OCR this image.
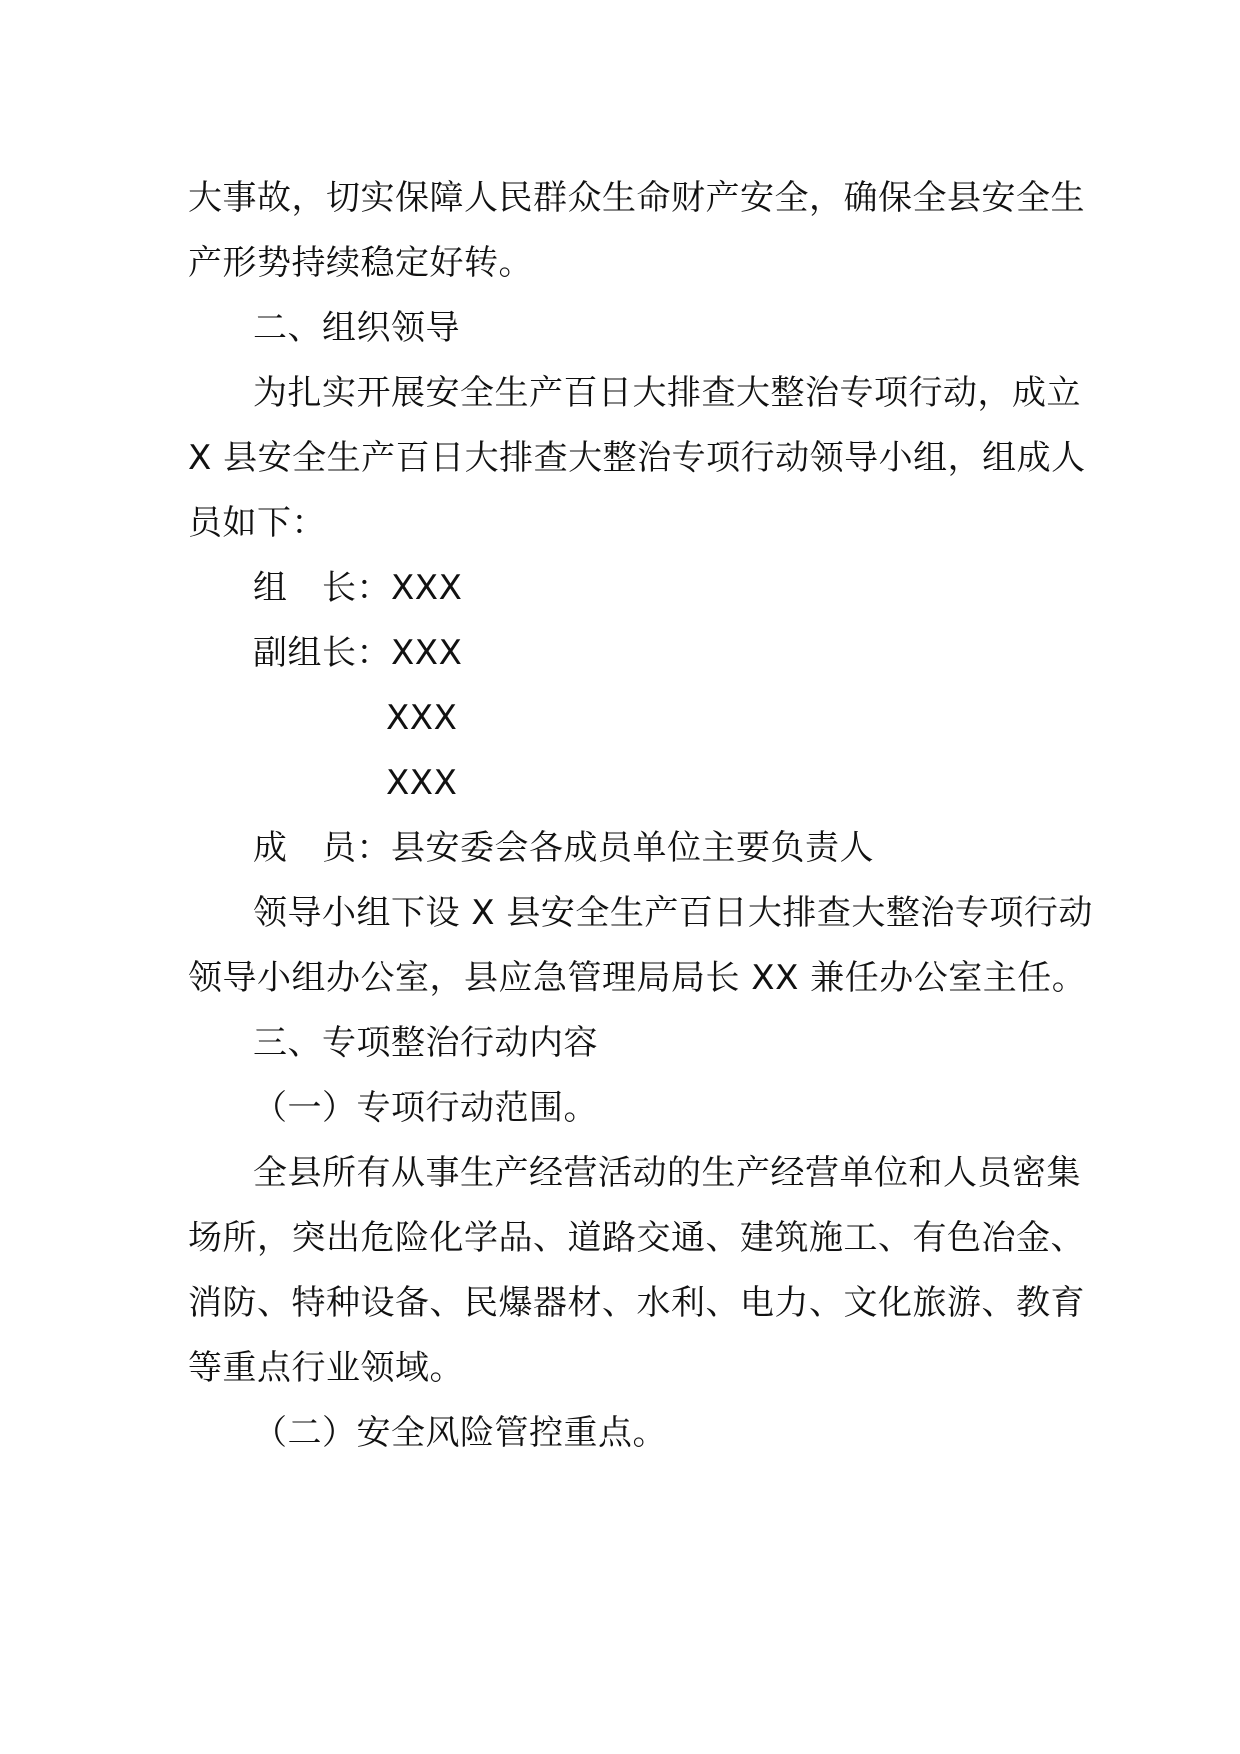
大事故，切实保障人民群众生命财产安全，确保全县安全生
产形势持续稳定好转。
二、组织领导
为扎实开展安全生产百日大排查大整治专项行动，成立
X 县安全生产百日大排查大整治专项行动领导小组，组成人
员如下：
组　长：XXX
副组长：XXX
XXX
XXX
成　员：县安委会各成员单位主要负责人
领导小组下设 X 县安全生产百日大排查大整治专项行动
领导小组办公室，县应急管理局局长 XX 兼任办公室主任。
三、专项整治行动内容
（一）专项行动范围。
全县所有从事生产经营活动的生产经营单位和人员密集
场所，突出危险化学品、道路交通、建筑施工、有色冶金、
消防、特种设备、民爆器材、水利、电力、文化旅游、教育
等重点行业领域。
（二）安全风险管控重点。
